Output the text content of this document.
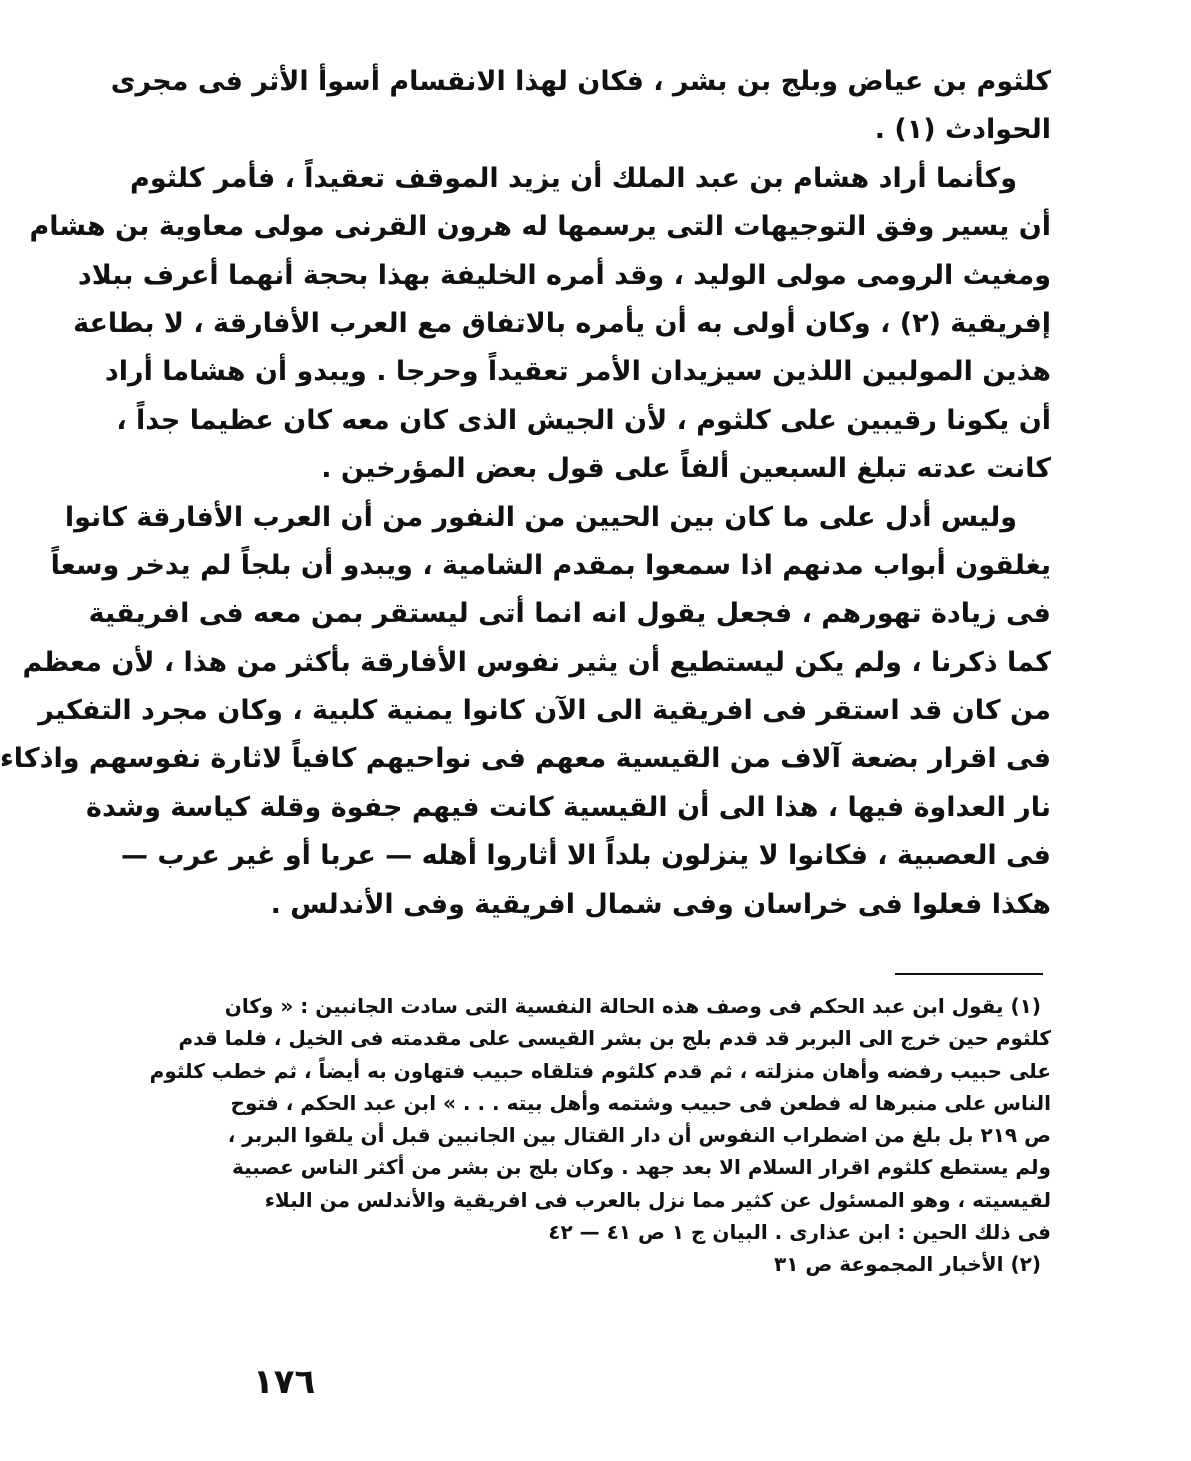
كلثوم بن عياض وبلج بن بشر ، فكان لهذا الانقسام أسوأ الأثر فى مجرى
الحوادث (١) .
وكأنما أراد هشام بن عبد الملك أن يزيد الموقف تعقيداً ، فأمر كلثوم
أن يسير وفق التوجيهات التى يرسمها له هرون القرنى مولى معاوية بن هشام
ومغيث الرومى مولى الوليد ، وقد أمره الخليفة بهذا بحجة أنهما أعرف ببلاد
إفريقية (٢) ، وكان أولى به أن يأمره بالاتفاق مع العرب الأفارقة ، لا بطاعة
هذين المولبين اللذين سيزيدان الأمر تعقيداً وحرجا . ويبدو أن هشاما أراد
أن يكونا رقيبين على كلثوم ، لأن الجيش الذى كان معه كان عظيما جداً ،
كانت عدته تبلغ السبعين ألفاً على قول بعض المؤرخين .
وليس أدل على ما كان بين الحيين من النفور من أن العرب الأفارقة كانوا
يغلقون أبواب مدنهم اذا سمعوا بمقدم الشامية ، ويبدو أن بلجاً لم يدخر وسعاً
فى زيادة تهورهم ، فجعل يقول انه انما أتى ليستقر بمن معه فى افريقية
كما ذكرنا ، ولم يكن ليستطيع أن يثير نفوس الأفارقة بأكثر من هذا ، لأن معظم
من كان قد استقر فى افريقية الى الآن كانوا يمنية كلبية ، وكان مجرد التفكير
فى اقرار بضعة آلاف من القيسية معهم فى نواحيهم كافياً لاثارة نفوسهم واذكاء
نار العداوة فيها ، هذا الى أن القيسية كانت فيهم جفوة وقلة كياسة وشدة
فى العصبية ، فكانوا لا ينزلون بلداً الا أثاروا أهله — عربا أو غير عرب —
هكذا فعلوا فى خراسان وفى شمال افريقية وفى الأندلس .
(١) يقول ابن عبد الحكم فى وصف هذه الحالة النفسية التى سادت الجانبين : « وكان
كلثوم حين خرج الى البربر قد قدم بلج بن بشر القيسى على مقدمته فى الخيل ، فلما قدم
على حبيب رفضه وأهان منزلته ، ثم قدم كلثوم فتلقاه حبيب فتهاون به أيضاً ، ثم خطب كلثوم
الناس على منبرها له فطعن فى حبيب وشتمه وأهل بيته . . . » ابن عبد الحكم ، فتوح
ص ٢١٩ بل بلغ من اضطراب النفوس أن دار القتال بين الجانبين قبل أن يلقوا البربر ،
ولم يستطع كلثوم اقرار السلام الا بعد جهد . وكان بلج بن بشر من أكثر الناس عصبية
لقيسيته ، وهو المسئول عن كثير مما نزل بالعرب فى افريقية والأندلس من البلاء
فى ذلك الحين : ابن عذارى . البيان ج ١ ص ٤١ — ٤٢
(٢) الأخبار المجموعة ص ٣١
١٧٦
